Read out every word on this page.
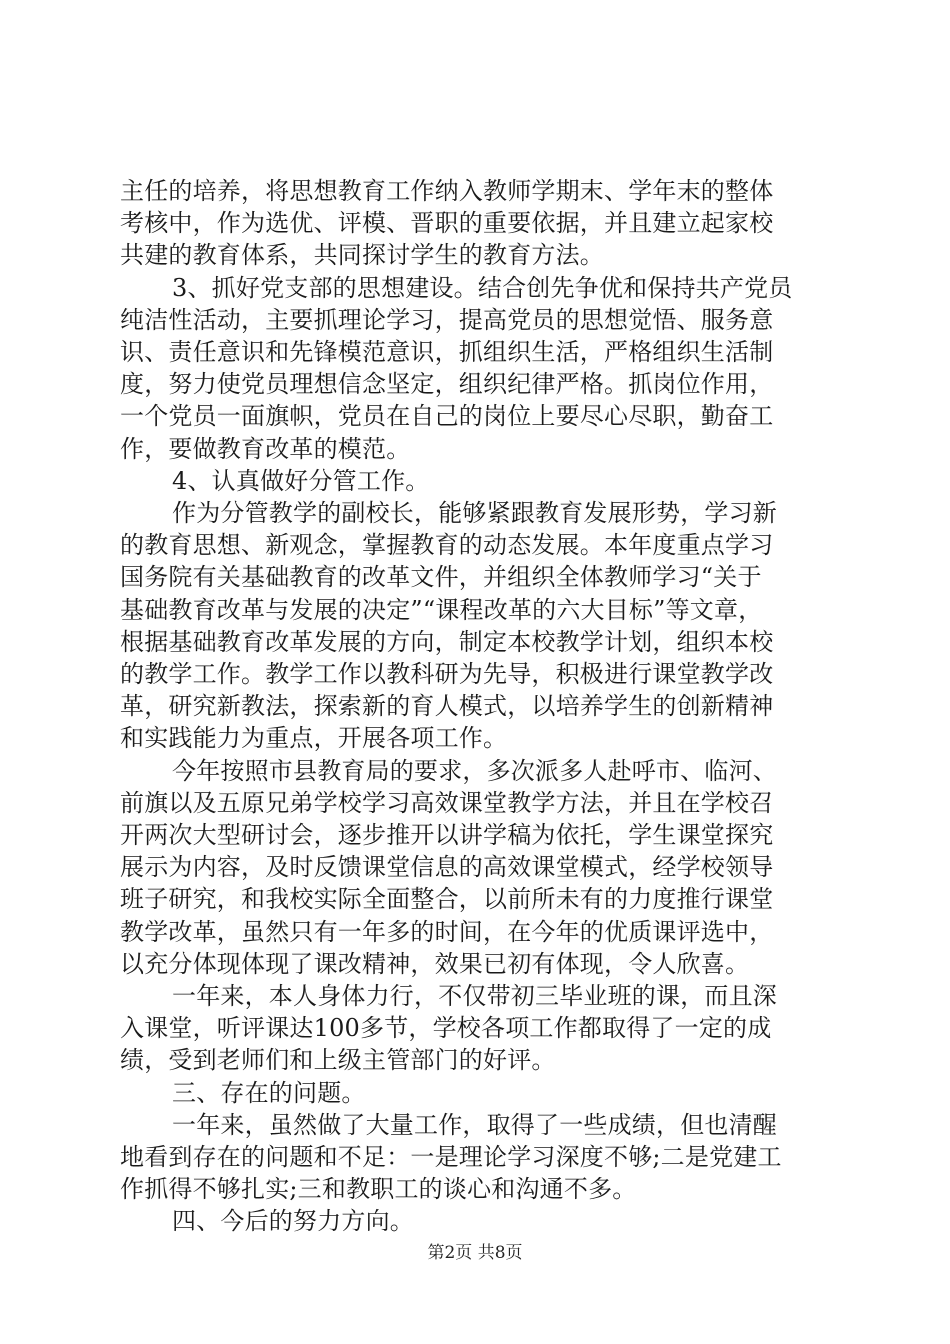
主任的培养，将思想教育工作纳入教师学期末、学年末的整体
考核中，作为选优、评模、晋职的重要依据，并且建立起家校
共建的教育体系，共同探讨学生的教育方法。
3、抓好党支部的思想建设。结合创先争优和保持共产党员
纯洁性活动，主要抓理论学习，提高党员的思想觉悟、服务意
识、责任意识和先锋模范意识，抓组织生活，严格组织生活制
度，努力使党员理想信念坚定，组织纪律严格。抓岗位作用，
一个党员一面旗帜，党员在自己的岗位上要尽心尽职，勤奋工
作，要做教育改革的模范。
4、认真做好分管工作。
作为分管教学的副校长，能够紧跟教育发展形势，学习新
的教育思想、新观念，掌握教育的动态发展。本年度重点学习
国务院有关基础教育的改革文件，并组织全体教师学习“关于
基础教育改革与发展的决定”“课程改革的六大目标”等文章，
根据基础教育改革发展的方向，制定本校教学计划，组织本校
的教学工作。教学工作以教科研为先导，积极进行课堂教学改
革，研究新教法，探索新的育人模式，以培养学生的创新精神
和实践能力为重点，开展各项工作。
今年按照市县教育局的要求，多次派多人赴呼市、临河、
前旗以及五原兄弟学校学习高效课堂教学方法，并且在学校召
开两次大型研讨会，逐步推开以讲学稿为依托，学生课堂探究
展示为内容，及时反馈课堂信息的高效课堂模式，经学校领导
班子研究，和我校实际全面整合，以前所未有的力度推行课堂
教学改革，虽然只有一年多的时间，在今年的优质课评选中，
以充分体现体现了课改精神，效果已初有体现，令人欣喜。
一年来，本人身体力行，不仅带初三毕业班的课，而且深
入课堂，听评课达100多节，学校各项工作都取得了一定的成
绩，受到老师们和上级主管部门的好评。
三、存在的问题。
一年来，虽然做了大量工作，取得了一些成绩，但也清醒
地看到存在的问题和不足：一是理论学习深度不够;二是党建工
作抓得不够扎实;三和教职工的谈心和沟通不多。
四、今后的努力方向。
第2页 共8页
